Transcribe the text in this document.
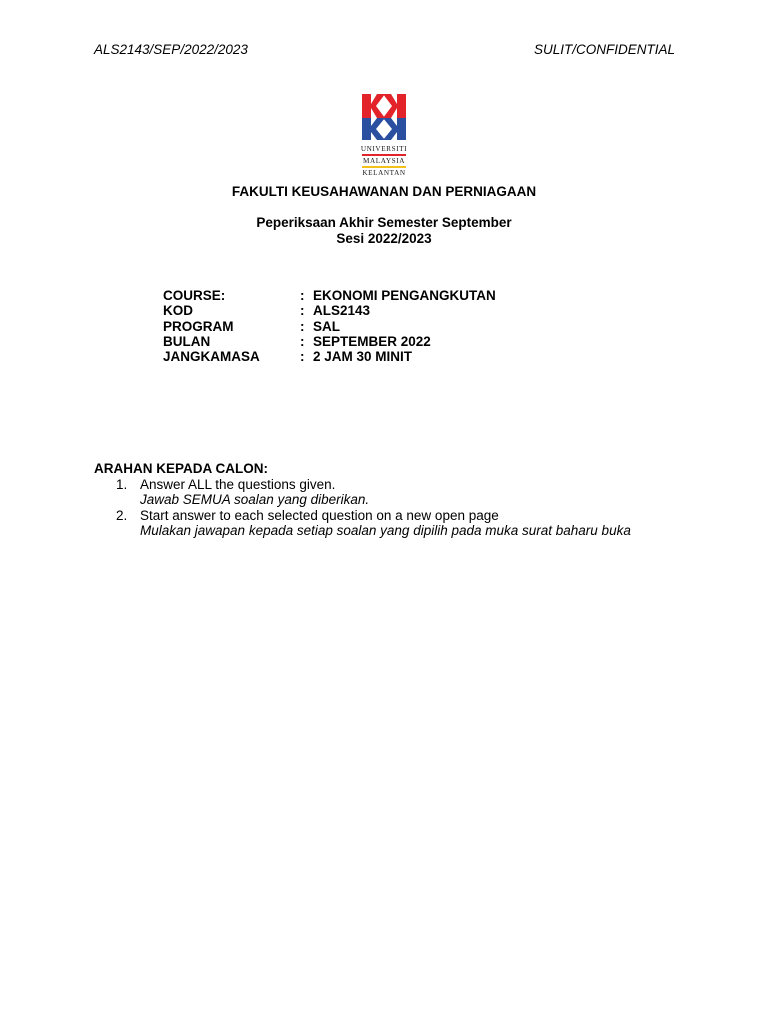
ALS2143/SEP/2022/2023	SULIT/CONFIDENTIAL
UNIVERSITI
MALAYSIA
KELANTAN
FAKULTI KEUSAHAWANAN DAN PERNIAGAAN
Peperiksaan Akhir Semester September
Sesi 2022/2023
COURSE:	: EKONOMI PENGANGKUTAN
KOD	: ALS2143
PROGRAM	: SAL
BULAN	: SEPTEMBER 2022
JANGKAMASA	: 2 JAM 30 MINIT
ARAHAN KEPADA CALON:
1. Answer ALL the questions given.
Jawab SEMUA soalan yang diberikan.
2. Start answer to each selected question on a new open page
Mulakan jawapan kepada setiap soalan yang dipilih pada muka surat baharu buka
